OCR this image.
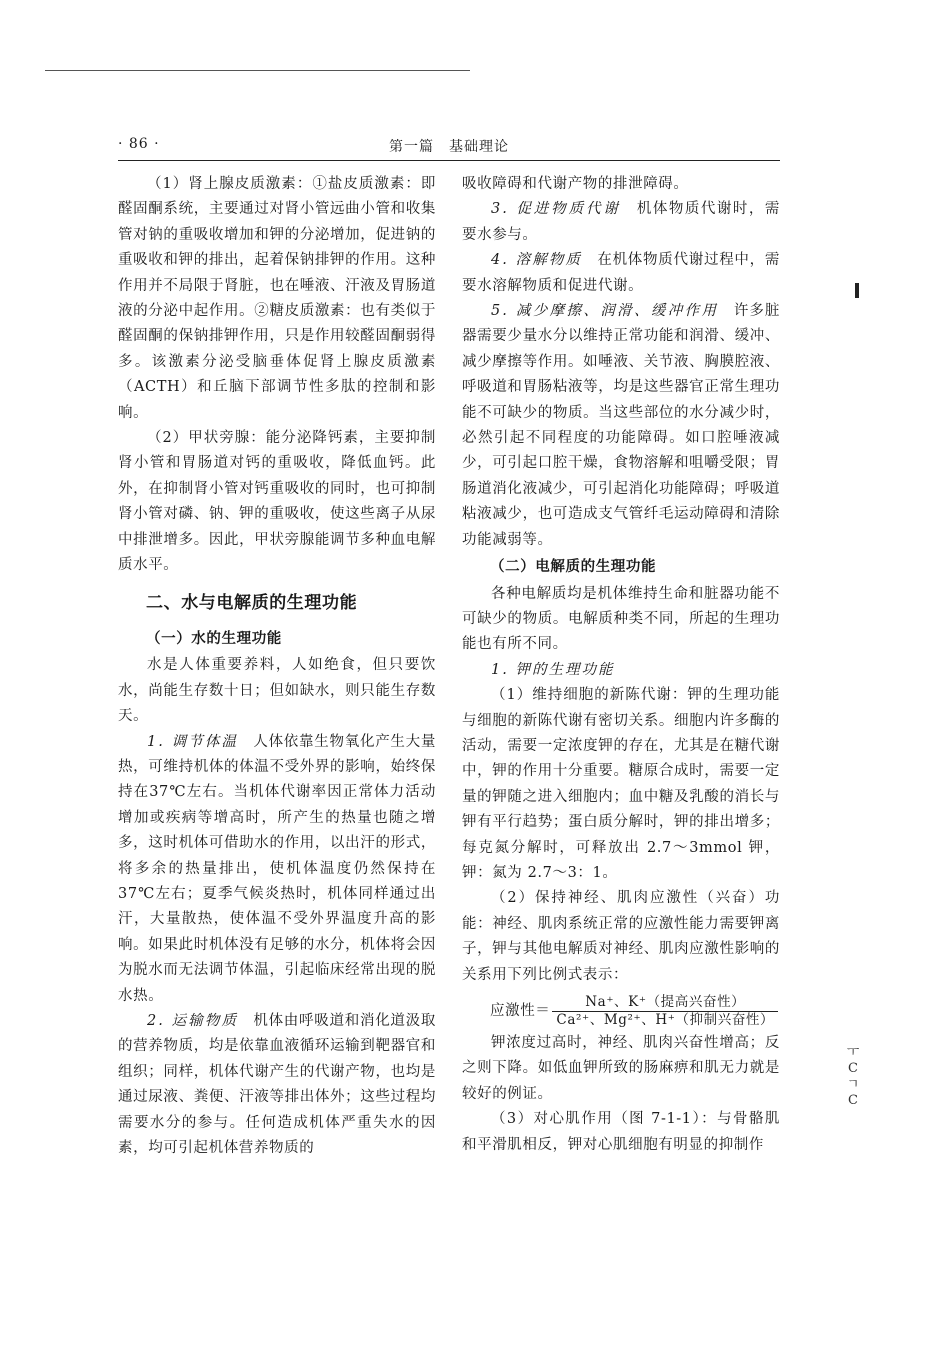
· 86 ·	第一篇　基础理论

（1）肾上腺皮质激素：①盐皮质激素：即醛固酮系统，主要通过对肾小管远曲小管和收集管对钠的重吸收增加和钾的分泌增加，促进钠的重吸收和钾的排出，起着保钠排钾的作用。这种作用并不局限于肾脏，也在唾液、汗液及胃肠道液的分泌中起作用。②糖皮质激素：也有类似于醛固酮的保钠排钾作用，只是作用较醛固酮弱得多。该激素分泌受脑垂体促肾上腺皮质激素（ACTH）和丘脑下部调节性多肽的控制和影响。

（2）甲状旁腺：能分泌降钙素，主要抑制肾小管和胃肠道对钙的重吸收，降低血钙。此外，在抑制肾小管对钙重吸收的同时，也可抑制肾小管对磷、钠、钾的重吸收，使这些离子从尿中排泄增多。因此，甲状旁腺能调节多种血电解质水平。

二、水与电解质的生理功能

（一）水的生理功能

水是人体重要养料，人如绝食，但只要饮水，尚能生存数十日；但如缺水，则只能生存数天。

1. 调节体温　人体依靠生物氧化产生大量热，可维持机体的体温不受外界的影响，始终保持在37℃左右。当机体代谢率因正常体力活动增加或疾病等增高时，所产生的热量也随之增多，这时机体可借助水的作用，以出汗的形式，将多余的热量排出，使机体温度仍然保持在37℃左右；夏季气候炎热时，机体同样通过出汗，大量散热，使体温不受外界温度升高的影响。如果此时机体没有足够的水分，机体将会因为脱水而无法调节体温，引起临床经常出现的脱水热。

2. 运输物质　机体由呼吸道和消化道汲取的营养物质，均是依靠血液循环运输到靶器官和组织；同样，机体代谢产生的代谢产物，也均是通过尿液、粪便、汗液等排出体外；这些过程均需要水分的参与。任何造成机体严重失水的因素，均可引起机体营养物质的

吸收障碍和代谢产物的排泄障碍。

3. 促进物质代谢　机体物质代谢时，需要水参与。

4. 溶解物质　在机体物质代谢过程中，需要水溶解物质和促进代谢。

5. 减少摩擦、润滑、缓冲作用　许多脏器需要少量水分以维持正常功能和润滑、缓冲、减少摩擦等作用。如唾液、关节液、胸膜腔液、呼吸道和胃肠粘液等，均是这些器官正常生理功能不可缺少的物质。当这些部位的水分减少时，必然引起不同程度的功能障碍。如口腔唾液减少，可引起口腔干燥，食物溶解和咀嚼受限；胃肠道消化液减少，可引起消化功能障碍；呼吸道粘液减少，也可造成支气管纤毛运动障碍和清除功能减弱等。

（二）电解质的生理功能

各种电解质均是机体维持生命和脏器功能不可缺少的物质。电解质种类不同，所起的生理功能也有所不同。

1. 钾的生理功能

（1）维持细胞的新陈代谢：钾的生理功能与细胞的新陈代谢有密切关系。细胞内许多酶的活动，需要一定浓度钾的存在，尤其是在糖代谢中，钾的作用十分重要。糖原合成时，需要一定量的钾随之进入细胞内；血中糖及乳酸的消长与钾有平行趋势；蛋白质分解时，钾的排出增多；每克氮分解时，可释放出 2.7～3mmol 钾，钾：氮为 2.7～3：1。

（2）保持神经、肌肉应激性（兴奋）功能：神经、肌肉系统正常的应激性能力需要钾离子，钾与其他电解质对神经、肌肉应激性影响的关系用下列比例式表示：

应激性＝ $\frac{\text{Na⁺、K⁺（提高兴奋性）}}{\text{Ca²⁺、Mg²⁺、H⁺（抑制兴奋性）}}$

钾浓度过高时，神经、肌肉兴奋性增高；反之则下降。如低血钾所致的肠麻痹和肌无力就是较好的例证。

（3）对心肌作用（图 7-1-1）：与骨骼肌和平滑肌相反，钾对心肌细胞有明显的抑制作

ㅜ
C
ㄱ
C
